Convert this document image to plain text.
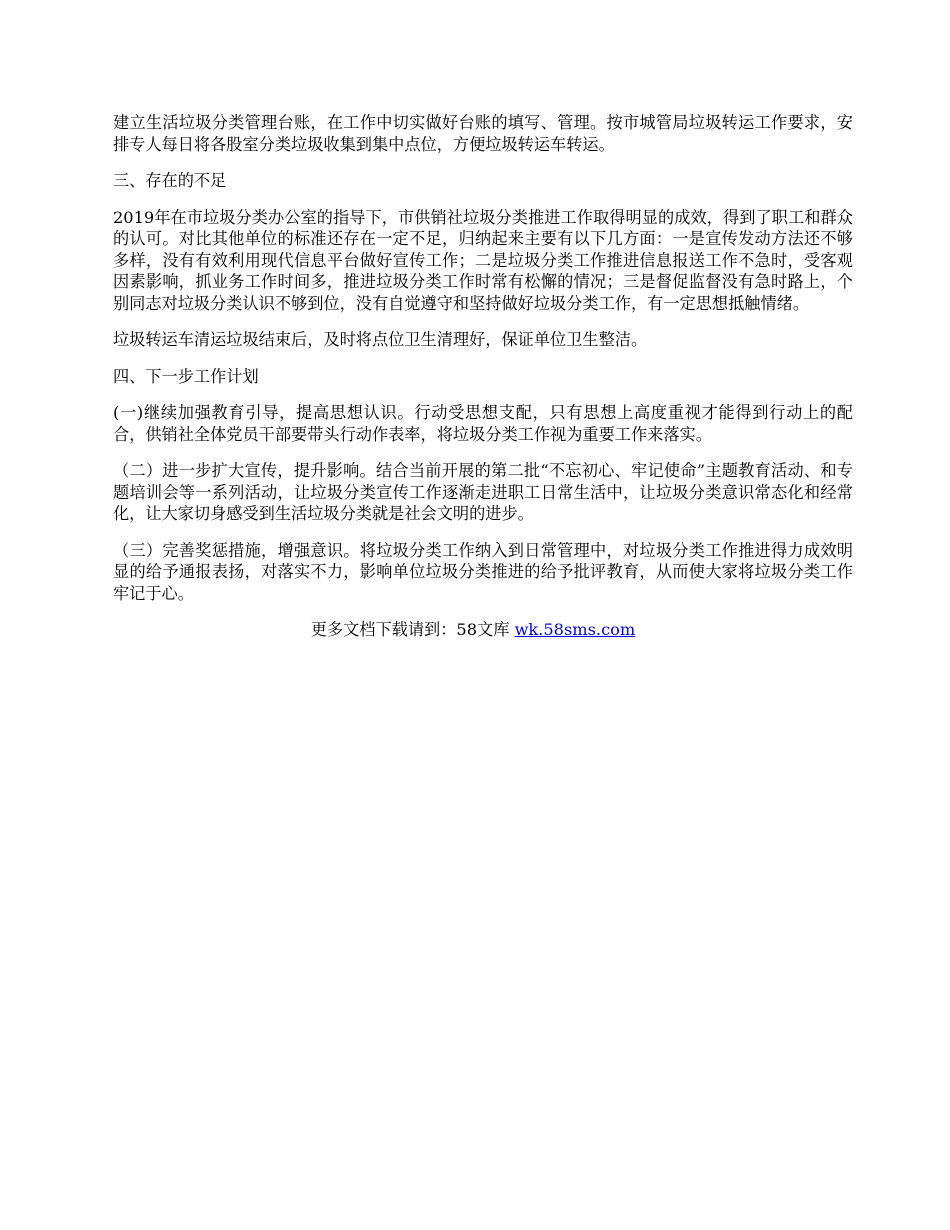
建立生活垃圾分类管理台账，在工作中切实做好台账的填写、管理。按市城管局垃圾转运工作要求，安排专人每日将各股室分类垃圾收集到集中点位，方便垃圾转运车转运。

三、存在的不足

2019年在市垃圾分类办公室的指导下，市供销社垃圾分类推进工作取得明显的成效，得到了职工和群众的认可。对比其他单位的标准还存在一定不足，归纳起来主要有以下几方面：一是宣传发动方法还不够多样，没有有效利用现代信息平台做好宣传工作；二是垃圾分类工作推进信息报送工作不急时，受客观因素影响，抓业务工作时间多，推进垃圾分类工作时常有松懈的情况；三是督促监督没有急时路上，个别同志对垃圾分类认识不够到位，没有自觉遵守和坚持做好垃圾分类工作，有一定思想抵触情绪。

垃圾转运车清运垃圾结束后，及时将点位卫生清理好，保证单位卫生整洁。

四、下一步工作计划

(一)继续加强教育引导，提高思想认识。行动受思想支配，只有思想上高度重视才能得到行动上的配合，供销社全体党员干部要带头行动作表率，将垃圾分类工作视为重要工作来落实。

（二）进一步扩大宣传，提升影响。结合当前开展的第二批“不忘初心、牢记使命”主题教育活动、和专题培训会等一系列活动，让垃圾分类宣传工作逐渐走进职工日常生活中，让垃圾分类意识常态化和经常化，让大家切身感受到生活垃圾分类就是社会文明的进步。

（三）完善奖惩措施，增强意识。将垃圾分类工作纳入到日常管理中，对垃圾分类工作推进得力成效明显的给予通报表扬，对落实不力，影响单位垃圾分类推进的给予批评教育，从而使大家将垃圾分类工作牢记于心。

更多文档下载请到：58文库 wk.58sms.com
